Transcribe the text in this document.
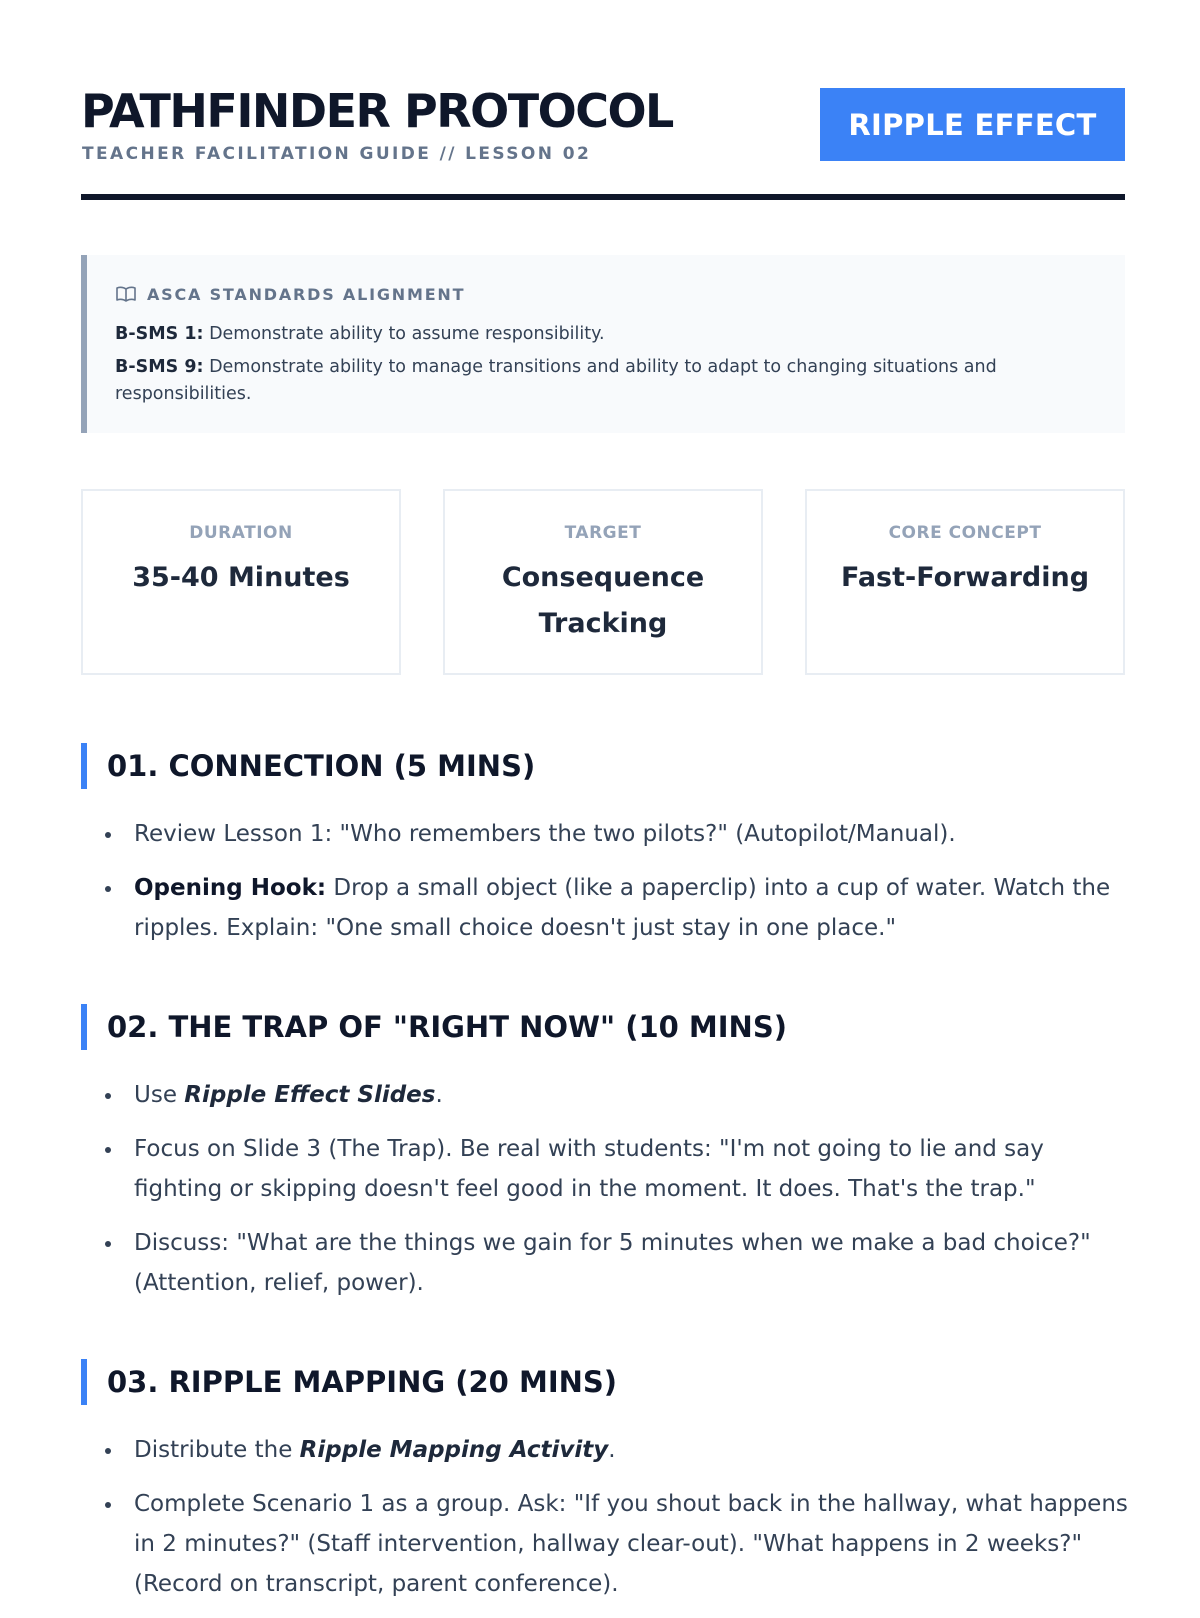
PATHFINDER PROTOCOL
TEACHER FACILITATION GUIDE // LESSON 02
RIPPLE EFFECT
ASCA STANDARDS ALIGNMENT
B-SMS 1: Demonstrate ability to assume responsibility.
B-SMS 9: Demonstrate ability to manage transitions and ability to adapt to changing situations and responsibilities.
DURATION
35-40 Minutes
TARGET
Consequence Tracking
CORE CONCEPT
Fast-Forwarding
01. CONNECTION (5 MINS)
Review Lesson 1: "Who remembers the two pilots?" (Autopilot/Manual).
Opening Hook: Drop a small object (like a paperclip) into a cup of water. Watch the ripples. Explain: "One small choice doesn't just stay in one place."
02. THE TRAP OF "RIGHT NOW" (10 MINS)
Use Ripple Effect Slides.
Focus on Slide 3 (The Trap). Be real with students: "I'm not going to lie and say fighting or skipping doesn't feel good in the moment. It does. That's the trap."
Discuss: "What are the things we gain for 5 minutes when we make a bad choice?" (Attention, relief, power).
03. RIPPLE MAPPING (20 MINS)
Distribute the Ripple Mapping Activity.
Complete Scenario 1 as a group. Ask: "If you shout back in the hallway, what happens in 2 minutes?" (Staff intervention, hallway clear-out). "What happens in 2 weeks?" (Record on transcript, parent conference).
